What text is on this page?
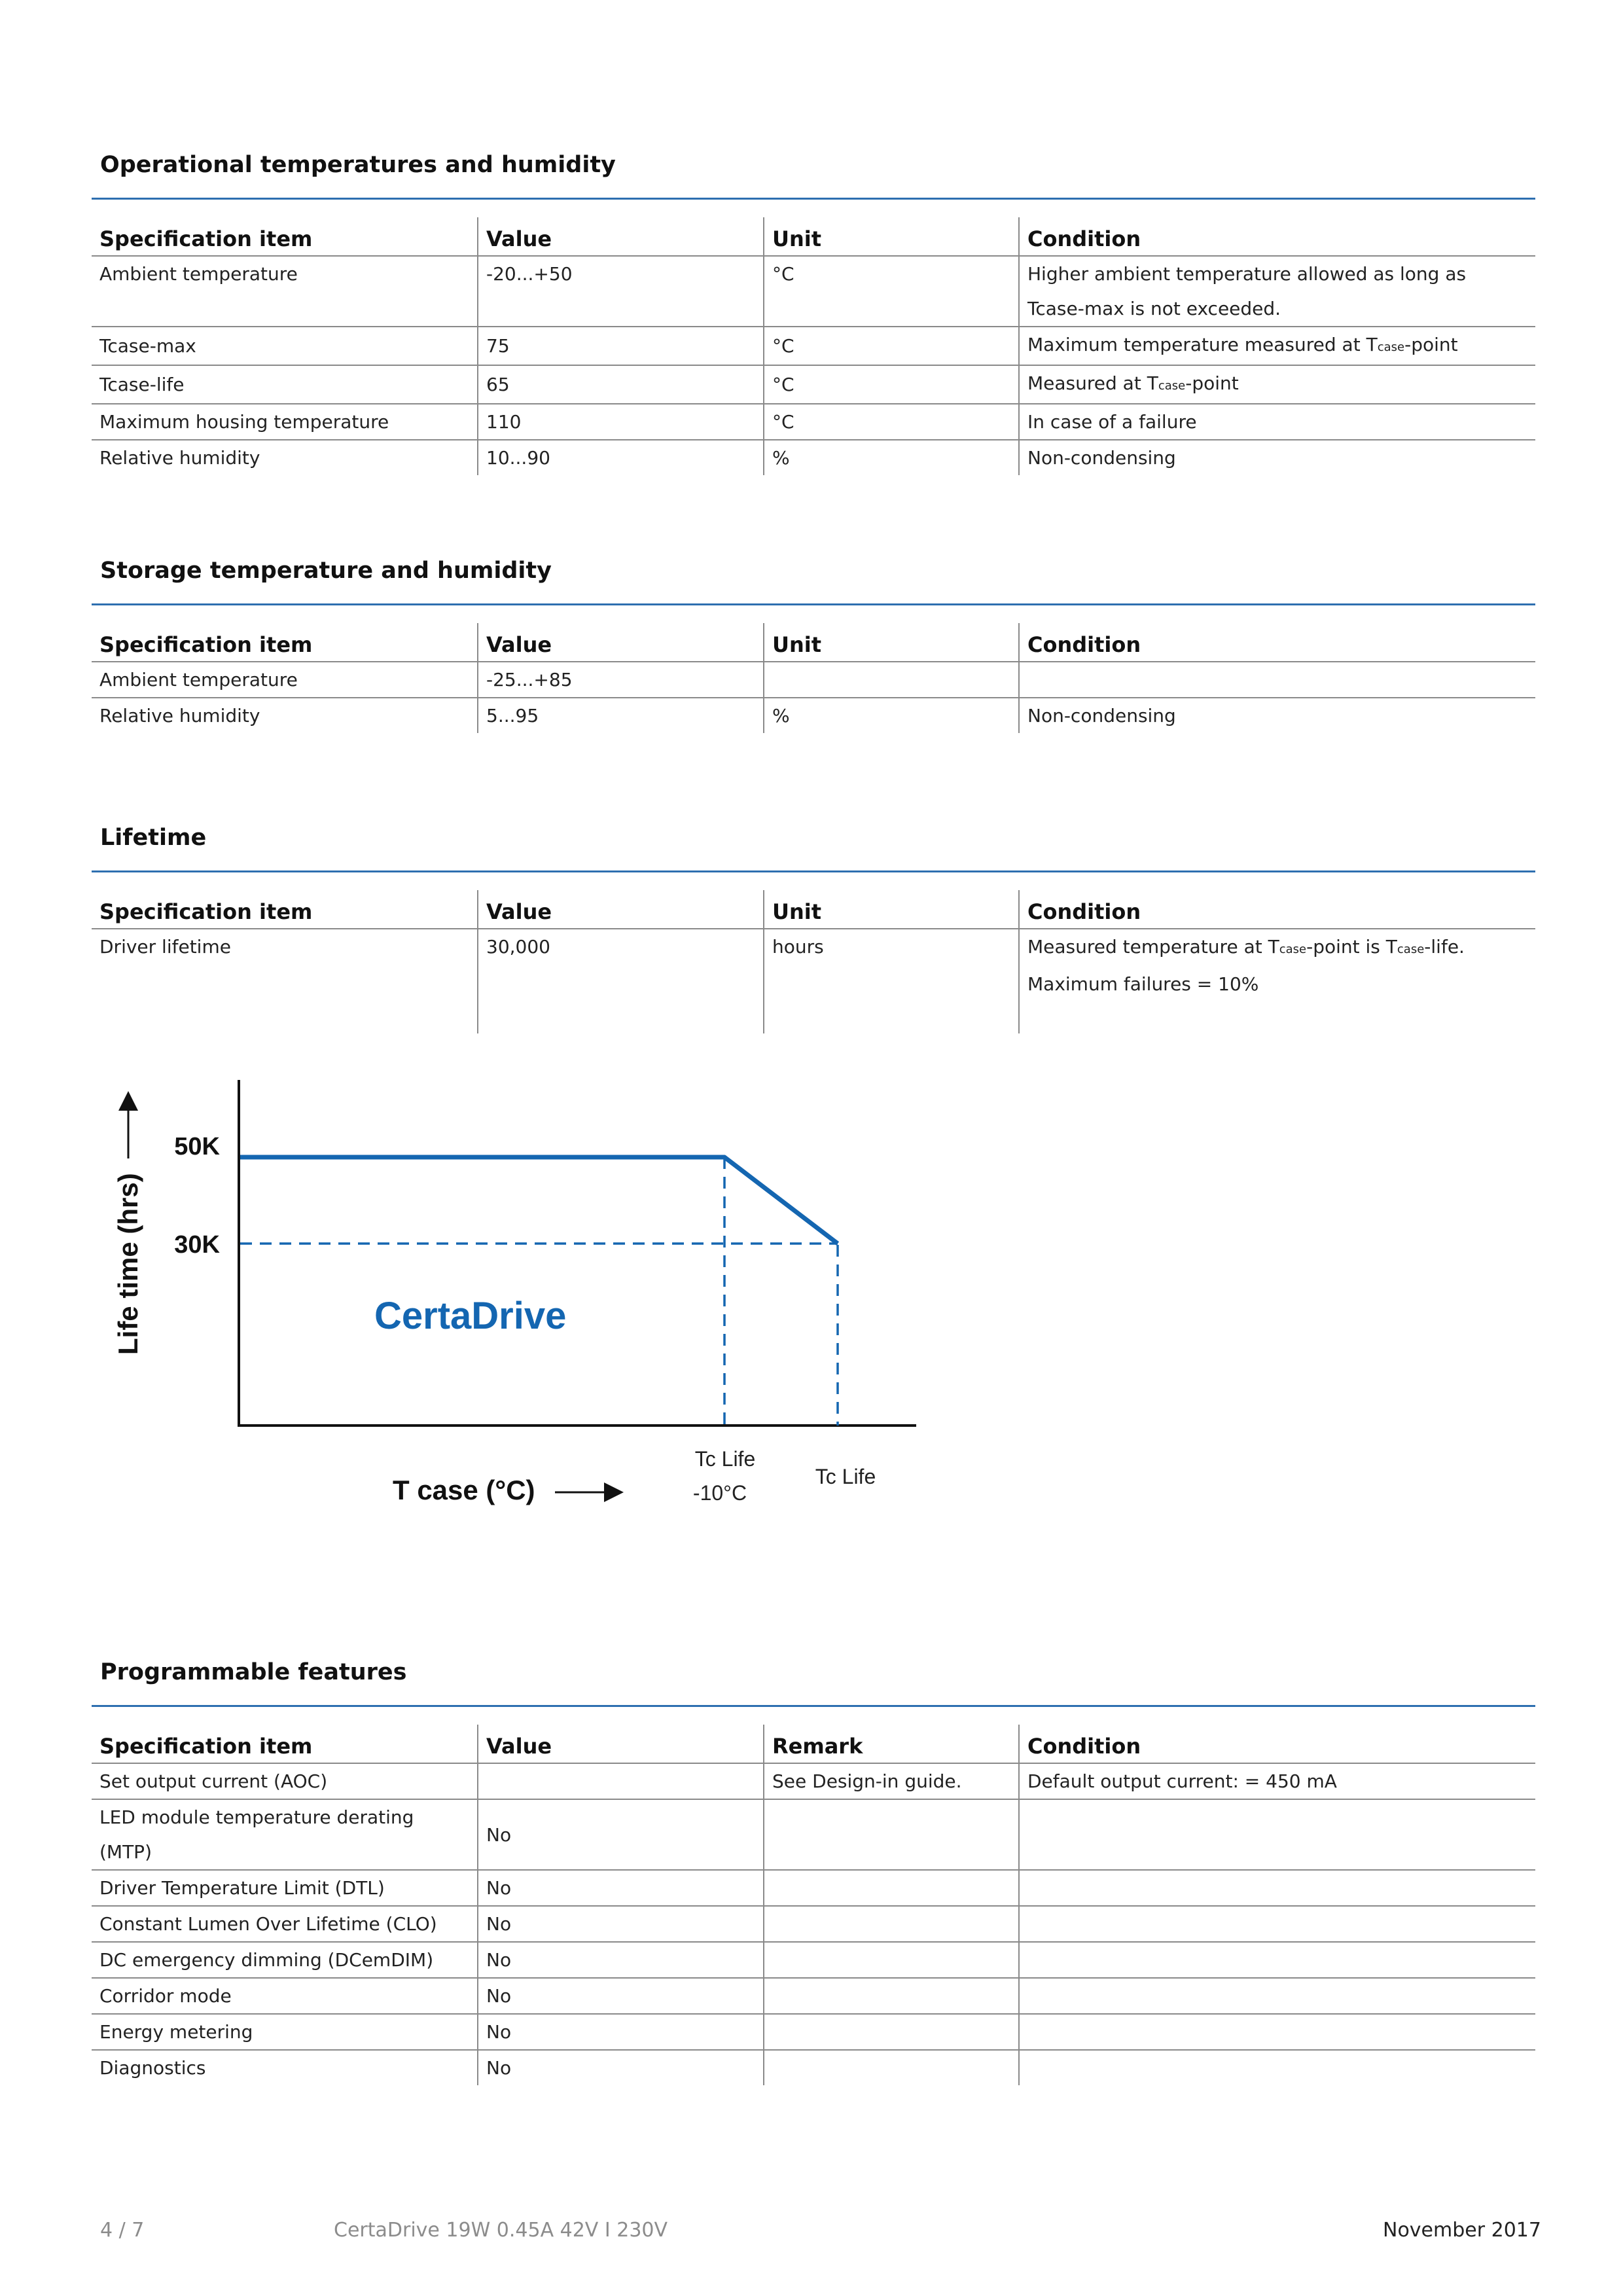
Operational temperatures and humidity
Specification item	Value	Unit	Condition
Ambient temperature	-20...+50	°C	Higher ambient temperature allowed as long as
Tcase-max is not exceeded.

Tcase-max	75	°C	Maximum temperature measured at Tcase-point
Tcase-life	65	°C	Measured at Tcase-point
Maximum housing temperature	110	°C	In case of a failure
Relative humidity	10...90	%	Non-condensing
Storage temperature and humidity
Specification item	Value	Unit	Condition
Ambient temperature	-25...+85		
Relative humidity	5...95	%	Non-condensing
Lifetime
Specification item	Value	Unit	Condition
Driver lifetime	30,000	hours	Measured temperature at Tcase-point is Tcase-life.
Maximum failures = 10%
Life time (hrs)
50K
30K
CertaDrive
Tc Life
-10°C
Tc Life
T case (°C)
Programmable features
Specification item	Value	Remark	Condition
Set output current (AOC)		See Design-in guide.	Default output current: = 450 mA
LED module temperature derating (MTP)	No		
Driver Temperature Limit (DTL)	No		
Constant Lumen Over Lifetime (CLO)	No		
DC emergency dimming (DCemDIM)	No		
Corridor mode	No		
Energy metering	No		
Diagnostics	No		
4 / 7	CertaDrive 19W 0.45A 42V I 230V	November 2017
